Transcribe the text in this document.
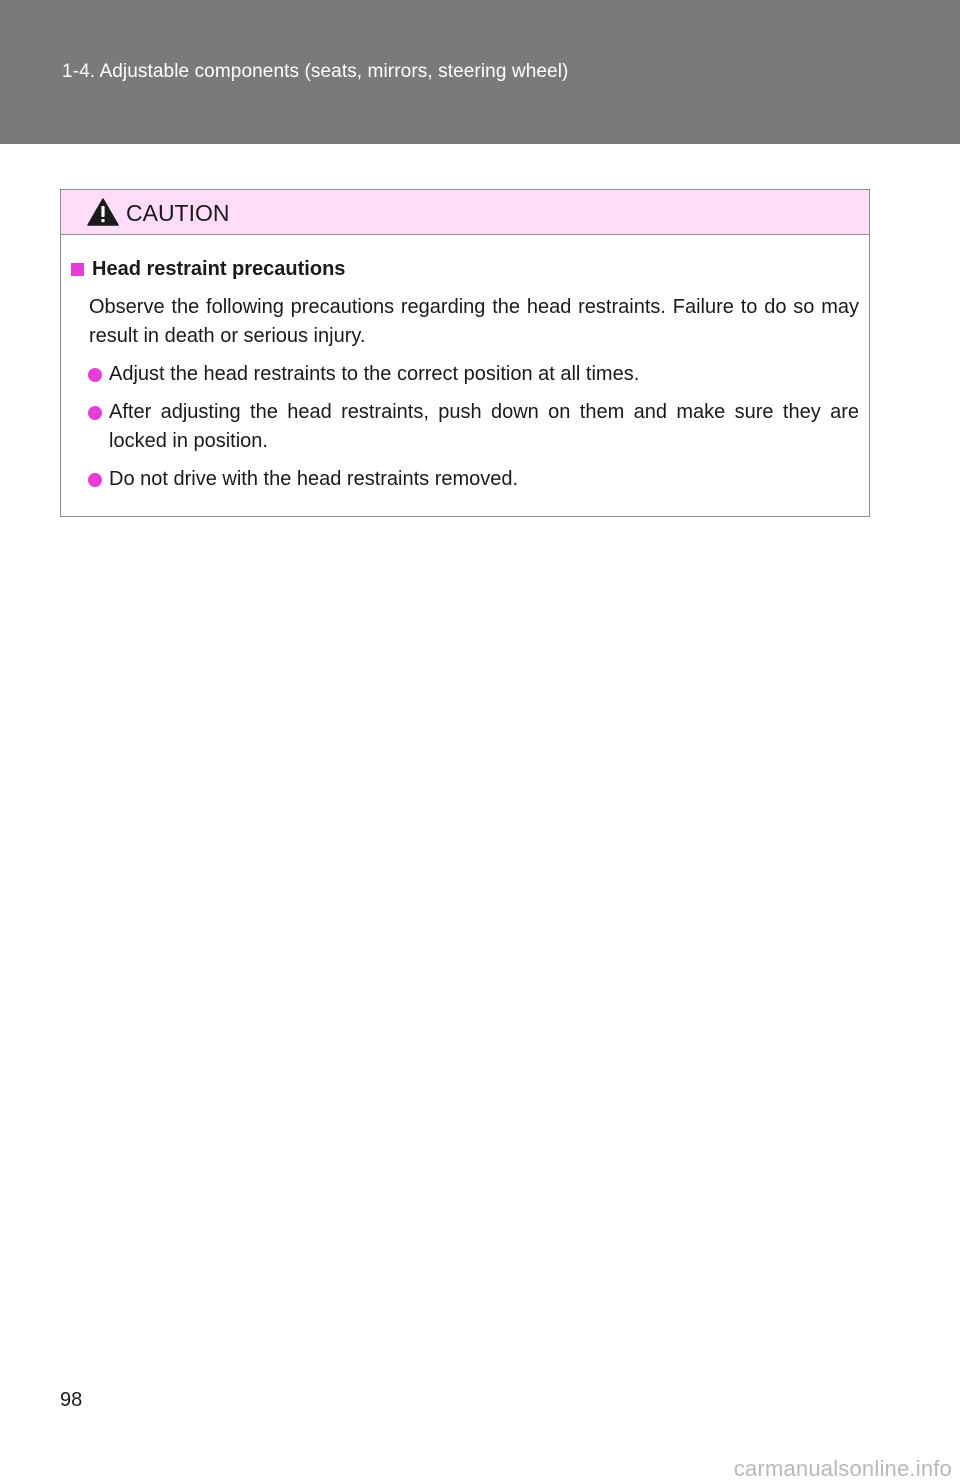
1-4. Adjustable components (seats, mirrors, steering wheel)
CAUTION
Head restraint precautions

Observe the following precautions regarding the head restraints. Failure to do so may result in death or serious injury.

Adjust the head restraints to the correct position at all times.
After adjusting the head restraints, push down on them and make sure they are locked in position.
Do not drive with the head restraints removed.
98
carmanualsonline.info
